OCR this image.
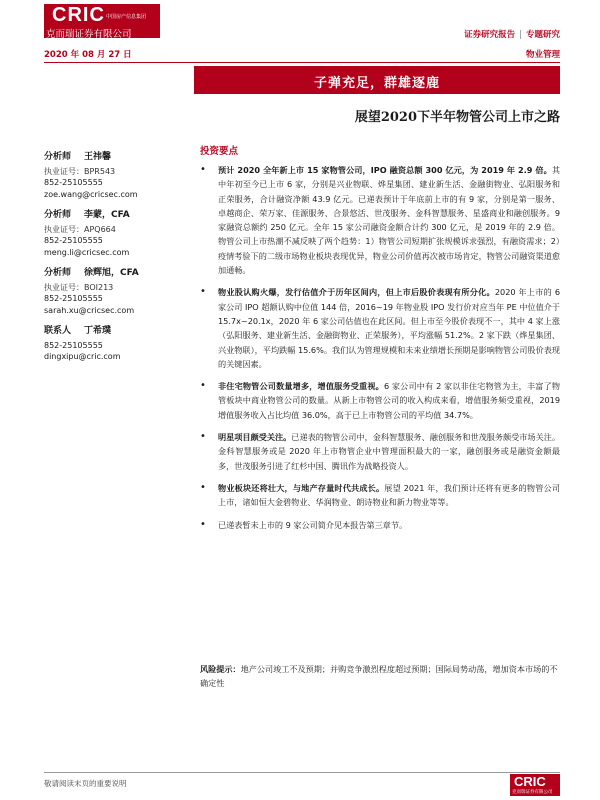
CRIC 中国房产信息集团
克而瑞证券有限公司	证券研究报告 | 专题研究
2020 年 08 月 27 日	物业管理
子弹充足，群雄逐鹿
展望2020下半年物管公司上市之路
分析师 王祎馨
执业证号：BPR543
852-25105555
zoe.wang@cricsec.com
分析师 李蒙，CFA
执业证号：APQ664
852-25105555
meng.li@cricsec.com
分析师 徐辉旭，CFA
执业证号：BOI213
852-25105555
sarah.xu@cricsec.com
联系人 丁希璞
852-25105555
dingxipu@cric.com
投资要点
• 预计 2020 全年新上市 15 家物管公司，IPO 融资总额 300 亿元，为 2019 年 2.9 倍。其中年初至今已上市 6 家，分别是兴业物联、烨星集团、建业新生活、金融街物业、弘阳服务和正荣服务，合计融资净额 43.9 亿元。已递表预计于年底前上市的有 9 家，分别是第一服务、卓越商企、荣万家、佳源服务、合景悠活、世茂服务、金科智慧服务、星盛商业和融创服务。9 家融资总额约 250 亿元。全年 15 家公司融资金额合计约 300 亿元，是 2019 年的 2.9 倍。物管公司上市热潮不减反映了两个趋势：1）物管公司短期扩张规模诉求强烈，有融资需求；2）疫情考验下的二级市场物业板块表现优异，物业公司价值再次被市场肯定，物管公司融资渠道愈加通畅。
• 物业股认购火爆，发行估值介于历年区间内，但上市后股价表现有所分化。2020 年上市的 6 家公司 IPO 超额认购中位值 144 倍，2016~19 年物业股 IPO 发行价对应当年 PE 中位值介于 15.7x~20.1x，2020 年 6 家公司估值也在此区间。但上市至今股价表现不一，其中 4 家上涨（弘阳服务、建业新生活、金融街物业、正荣服务），平均涨幅 51.2%。2 家下跌（烨星集团、兴业物联），平均跌幅 15.6%。我们认为管理规模和未来业绩增长预期是影响物管公司股价表现的关键因素。
• 非住宅物管公司数量增多，增值服务受重视。6 家公司中有 2 家以非住宅物管为主，丰富了物管板块中商业物管公司的数量。从新上市物管公司的收入构成来看，增值服务频受重视，2019 增值服务收入占比均值 36.0%，高于已上市物管公司的平均值 34.7%。
• 明星项目颇受关注。已递表的物管公司中，金科智慧服务、融创服务和世茂服务颇受市场关注。金科智慧服务或是 2020 年上市物管企业中管理面积最大的一家，融创服务或是融资金额最多，世茂服务引进了红杉中国、腾讯作为战略投资人。
• 物业板块还将壮大，与地产存量时代共成长。展望 2021 年，我们预计还将有更多的物管公司上市，诸如恒大金碧物业、华润物业、朗诗物业和新力物业等等。
• 已递表暂未上市的 9 家公司简介见本报告第三章节。
风险提示：地产公司竣工不及预期；并购竞争激烈程度超过预期；国际局势动荡，增加资本市场的不确定性
敬请阅读末页的重要说明	CRIC
克而瑞证券有限公司
